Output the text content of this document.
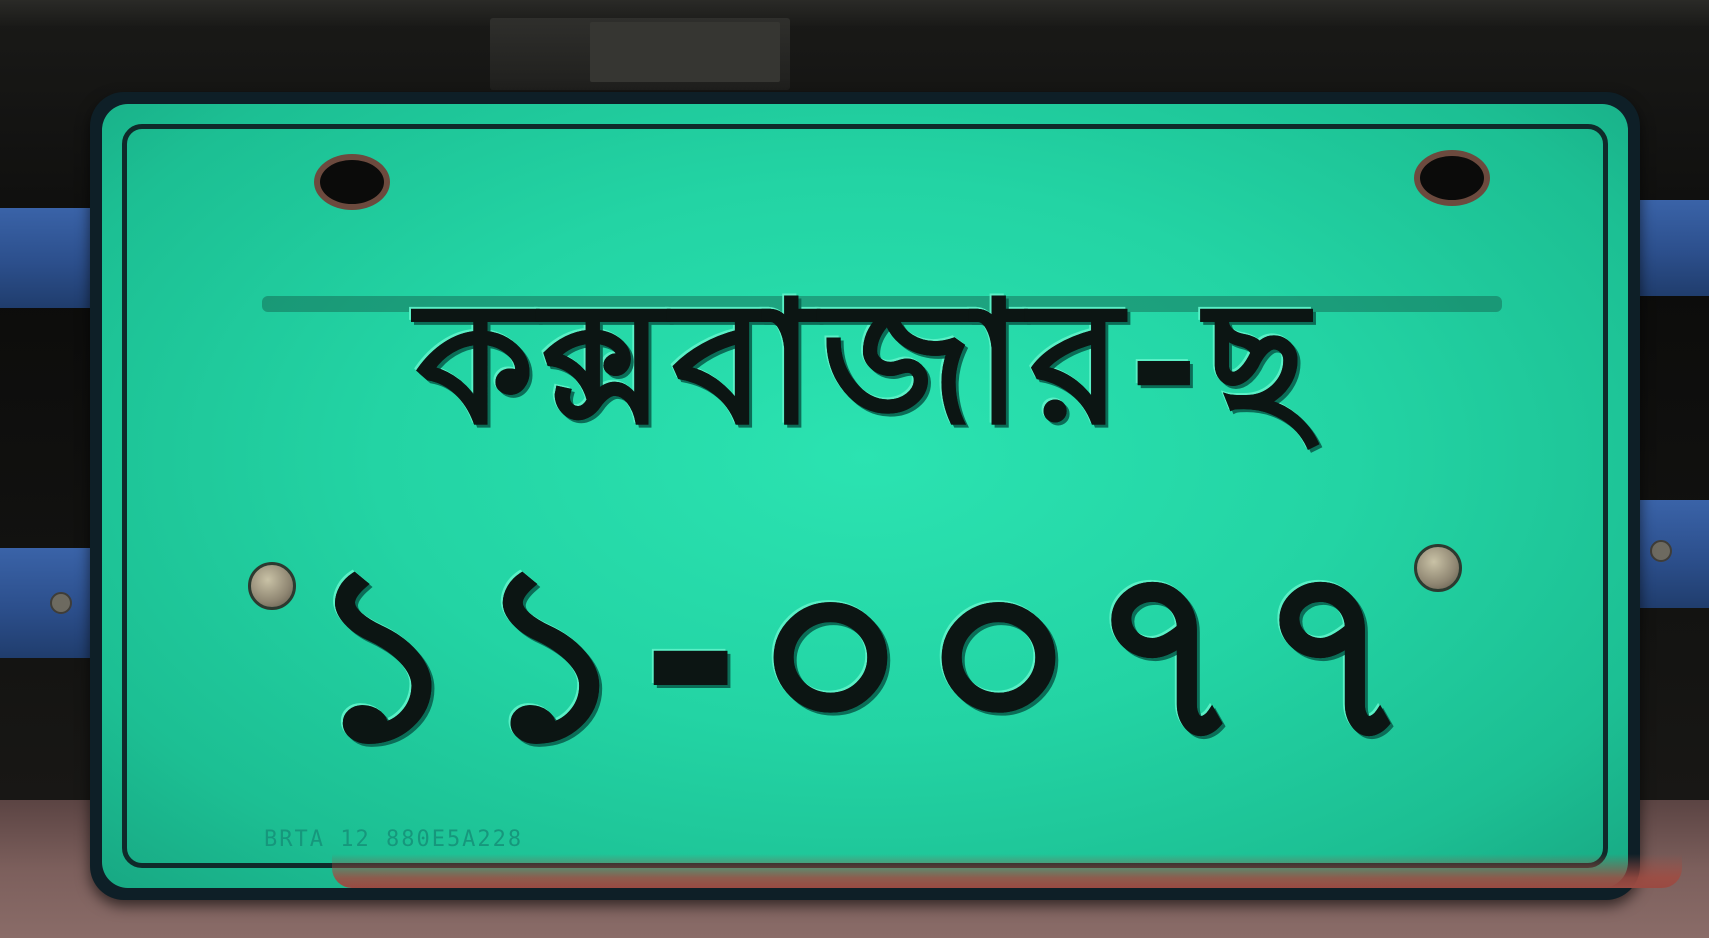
কক্সবাজার-ছ
১১-০০৭৭
BRTA 12 880E5A228
